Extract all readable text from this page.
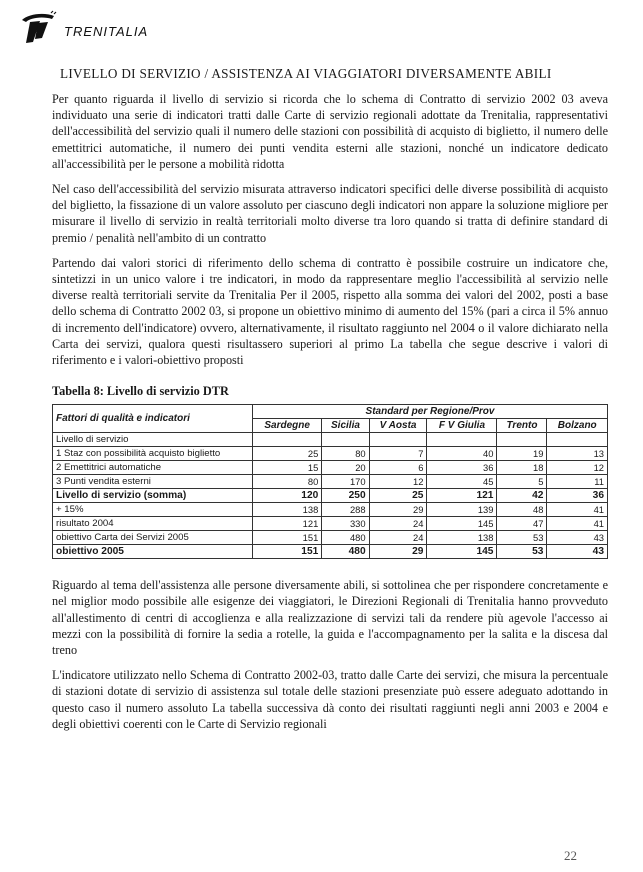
TRENITALIA
LIVELLO DI SERVIZIO / ASSISTENZA AI VIAGGIATORI DIVERSAMENTE ABILI

Per quanto riguarda il livello di servizio si ricorda che lo schema di Contratto di servizio 2002 03 aveva individuato una serie di indicatori tratti dalle Carte di servizio regionali adottate da Trenitalia, rappresentativi dell'accessibilità del servizio quali il numero delle stazioni con possibilità di acquisto di biglietto, il numero delle emettitrici automatiche, il numero dei punti vendita esterni alle stazioni, nonché un indicatore dedicato all'accessibilità per le persone a mobilità ridotta

Nel caso dell'accessibilità del servizio misurata attraverso indicatori specifici delle diverse possibilità di acquisto del biglietto, la fissazione di un valore assoluto per ciascuno degli indicatori non appare la soluzione migliore per misurare il livello di servizio in realtà territoriali molto diverse tra loro quando si tratta di definire standard di premio / penalità nell'ambito di un contratto

Partendo dai valori storici di riferimento dello schema di contratto è possibile costruire un indicatore che, sintetizzi in un unico valore i tre indicatori, in modo da rappresentare meglio l'accessibilità al servizio nelle diverse realtà territoriali servite da Trenitalia Per il 2005, rispetto alla somma dei valori del 2002, posti a base dello schema di Contratto 2002 03, si propone un obiettivo minimo di aumento del 15% (pari a circa il 5% annuo di incremento dell'indicatore) ovvero, alternativamente, il risultato raggiunto nel 2004 o il valore dichiarato nella Carta dei servizi, qualora questi risultassero superiori al primo La tabella che segue descrive i valori di riferimento e i valori-obiettivo proposti

Tabella 8: Livello di servizio DTR
Fattori di qualità e indicatori	Standard per Regione/Prov					
	Sardegne	Sicilia	V Aosta	F V Giulia	Trento	Bolzano
Livello di servizio						
1 Staz con possibilità acquisto biglietto	25	80	7	40	19	13
2 Emettitrici automatiche	15	20	6	36	18	12
3 Punti vendita esterni	80	170	12	45	5	11
Livello di servizio (somma)	120	250	25	121	42	36
+ 15%	138	288	29	139	48	41
risultato 2004	121	330	24	145	47	41
obiettivo Carta dei Servizi 2005	151	480	24	138	53	43
obiettivo 2005	151	480	29	145	53	43

Riguardo al tema dell'assistenza alle persone diversamente abili, si sottolinea che per rispondere concretamente e nel miglior modo possibile alle esigenze dei viaggiatori, le Direzioni Regionali di Trenitalia hanno provveduto all'allestimento di centri di accoglienza e alla realizzazione di servizi tali da rendere più agevole l'accesso ai mezzi con la possibilità di fornire la sedia a rotelle, la guida e l'accompagnamento per la salita e la discesa dal treno

L'indicatore utilizzato nello Schema di Contratto 2002-03, tratto dalle Carte dei servizi, che misura la percentuale di stazioni dotate di servizio di assistenza sul totale delle stazioni presenziate può essere adeguato adottando in questo caso il numero assoluto La tabella successiva dà conto dei risultati raggiunti negli anni 2003 e 2004 e degli obiettivi coerenti con le Carte di Servizio regionali

22
